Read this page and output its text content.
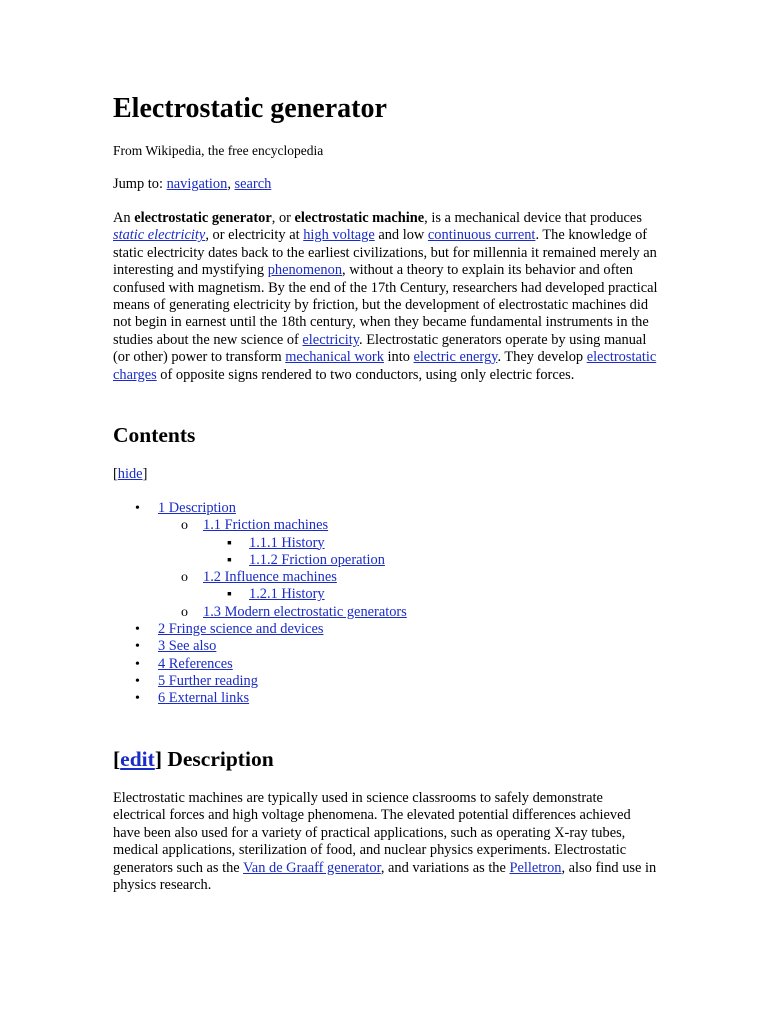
Electrostatic generator
From Wikipedia, the free encyclopedia
Jump to: navigation, search

An electrostatic generator, or electrostatic machine, is a mechanical device that produces static electricity, or electricity at high voltage and low continuous current. The knowledge of static electricity dates back to the earliest civilizations, but for millennia it remained merely an interesting and mystifying phenomenon, without a theory to explain its behavior and often confused with magnetism. By the end of the 17th Century, researchers had developed practical means of generating electricity by friction, but the development of electrostatic machines did not begin in earnest until the 18th century, when they became fundamental instruments in the studies about the new science of electricity. Electrostatic generators operate by using manual (or other) power to transform mechanical work into electric energy. They develop electrostatic charges of opposite signs rendered to two conductors, using only electric forces.

Contents
[hide]
• 1 Description
o 1.1 Friction machines
▪ 1.1.1 History
▪ 1.1.2 Friction operation
o 1.2 Influence machines
▪ 1.2.1 History
o 1.3 Modern electrostatic generators
• 2 Fringe science and devices
• 3 See also
• 4 References
• 5 Further reading
• 6 External links
[edit] Description

Electrostatic machines are typically used in science classrooms to safely demonstrate electrical forces and high voltage phenomena. The elevated potential differences achieved have been also used for a variety of practical applications, such as operating X-ray tubes, medical applications, sterilization of food, and nuclear physics experiments. Electrostatic generators such as the Van de Graaff generator, and variations as the Pelletron, also find use in physics research.
